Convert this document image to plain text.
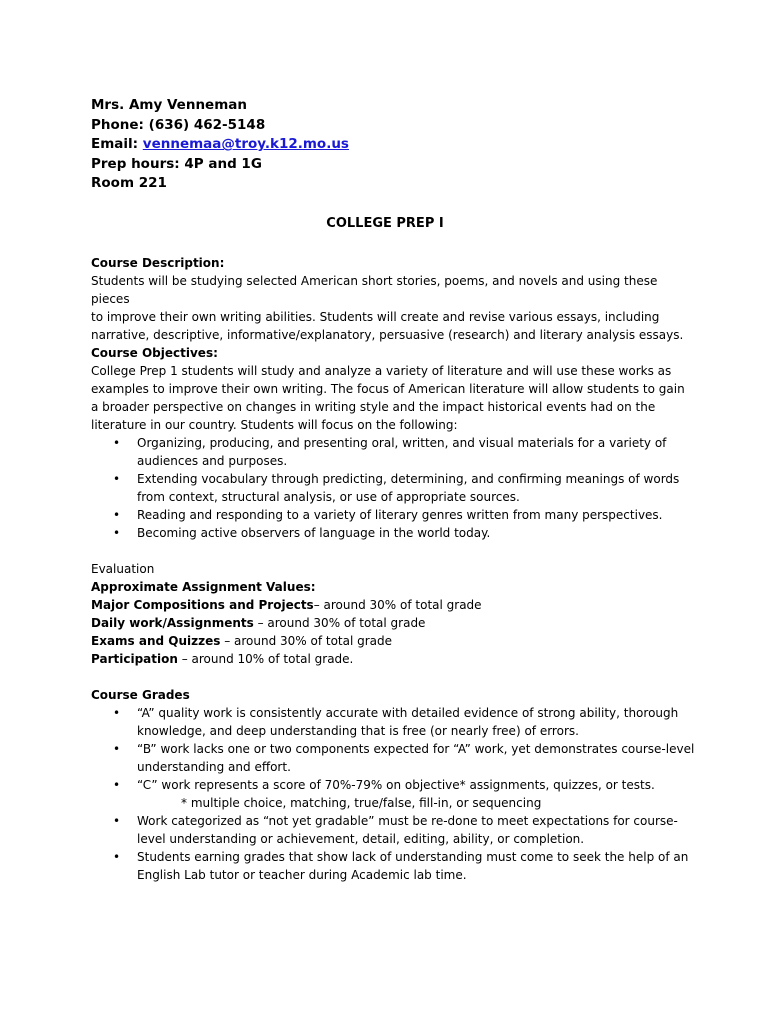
Mrs. Amy Venneman
Phone: (636) 462-5148
Email: vennemaa@troy.k12.mo.us
Prep hours: 4P and 1G
Room 221
COLLEGE PREP I
Course Description:
Students will be studying selected American short stories, poems, and novels and using these pieces
to improve their own writing abilities. Students will create and revise various essays, including
narrative, descriptive, informative/explanatory, persuasive (research) and literary analysis essays.
Course Objectives:
College Prep 1 students will study and analyze a variety of literature and will use these works as
examples to improve their own writing. The focus of American literature will allow students to gain
a broader perspective on changes in writing style and the impact historical events had on the
literature in our country. Students will focus on the following:
• Organizing, producing, and presenting oral, written, and visual materials for a variety of
audiences and purposes.
• Extending vocabulary through predicting, determining, and confirming meanings of words
from context, structural analysis, or use of appropriate sources.
• Reading and responding to a variety of literary genres written from many perspectives.
• Becoming active observers of language in the world today.
Evaluation
Approximate Assignment Values:
Major Compositions and Projects– around 30% of total grade
Daily work/Assignments – around 30% of total grade
Exams and Quizzes – around 30% of total grade
Participation – around 10% of total grade.
Course Grades
• “A” quality work is consistently accurate with detailed evidence of strong ability, thorough
knowledge, and deep understanding that is free (or nearly free) of errors.
• “B” work lacks one or two components expected for “A” work, yet demonstrates course-level
understanding and effort.
• “C” work represents a score of 70%-79% on objective* assignments, quizzes, or tests.
* multiple choice, matching, true/false, fill-in, or sequencing
• Work categorized as “not yet gradable” must be re-done to meet expectations for course-
level understanding or achievement, detail, editing, ability, or completion.
• Students earning grades that show lack of understanding must come to seek the help of an
English Lab tutor or teacher during Academic lab time.
